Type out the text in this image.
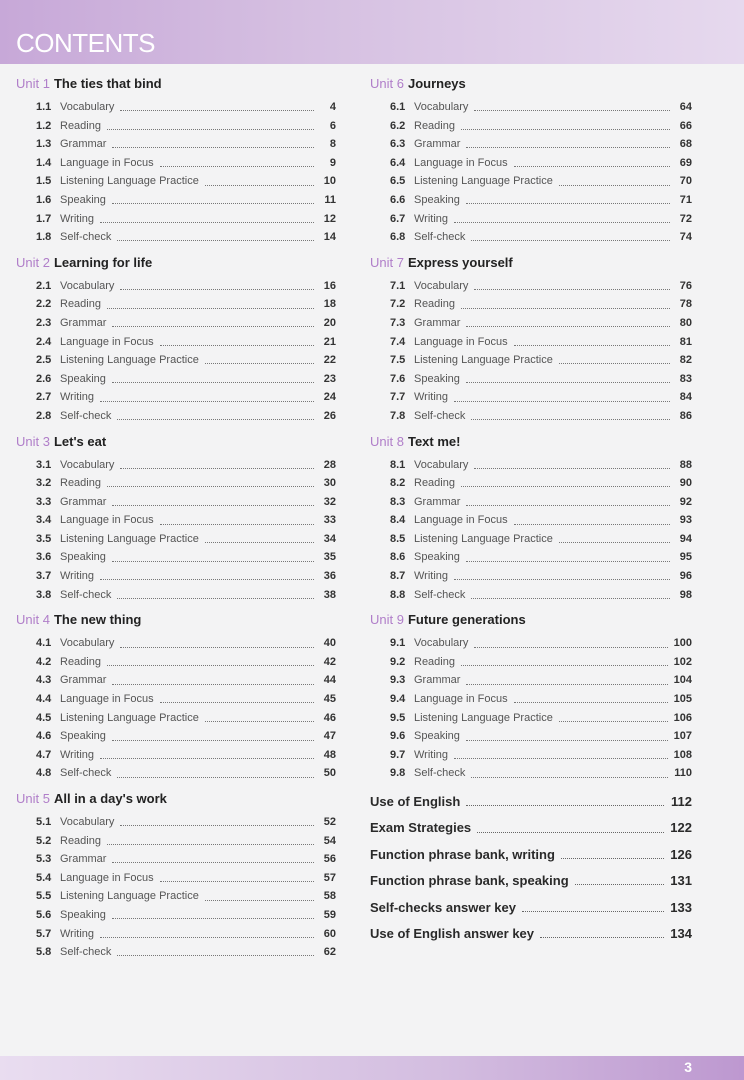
CONTENTS
Unit 1 The ties that bind
1.1 Vocabulary	4
1.2 Reading	6
1.3 Grammar	8
1.4 Language in Focus	9
1.5 Listening Language Practice	10
1.6 Speaking	11
1.7 Writing	12
1.8 Self-check	14
Unit 2 Learning for life
2.1 Vocabulary	16
2.2 Reading	18
2.3 Grammar	20
2.4 Language in Focus	21
2.5 Listening Language Practice	22
2.6 Speaking	23
2.7 Writing	24
2.8 Self-check	26
Unit 3 Let's eat
3.1 Vocabulary	28
3.2 Reading	30
3.3 Grammar	32
3.4 Language in Focus	33
3.5 Listening Language Practice	34
3.6 Speaking	35
3.7 Writing	36
3.8 Self-check	38
Unit 4 The new thing
4.1 Vocabulary	40
4.2 Reading	42
4.3 Grammar	44
4.4 Language in Focus	45
4.5 Listening Language Practice	46
4.6 Speaking	47
4.7 Writing	48
4.8 Self-check	50
Unit 5 All in a day's work
5.1 Vocabulary	52
5.2 Reading	54
5.3 Grammar	56
5.4 Language in Focus	57
5.5 Listening Language Practice	58
5.6 Speaking	59
5.7 Writing	60
5.8 Self-check	62
Unit 6 Journeys
6.1 Vocabulary	64
6.2 Reading	66
6.3 Grammar	68
6.4 Language in Focus	69
6.5 Listening Language Practice	70
6.6 Speaking	71
6.7 Writing	72
6.8 Self-check	74
Unit 7 Express yourself
7.1 Vocabulary	76
7.2 Reading	78
7.3 Grammar	80
7.4 Language in Focus	81
7.5 Listening Language Practice	82
7.6 Speaking	83
7.7 Writing	84
7.8 Self-check	86
Unit 8 Text me!
8.1 Vocabulary	88
8.2 Reading	90
8.3 Grammar	92
8.4 Language in Focus	93
8.5 Listening Language Practice	94
8.6 Speaking	95
8.7 Writing	96
8.8 Self-check	98
Unit 9 Future generations
9.1 Vocabulary	100
9.2 Reading	102
9.3 Grammar	104
9.4 Language in Focus	105
9.5 Listening Language Practice	106
9.6 Speaking	107
9.7 Writing	108
9.8 Self-check	110
Use of English	112
Exam Strategies	122
Function phrase bank, writing	126
Function phrase bank, speaking	131
Self-checks answer key	133
Use of English answer key	134
3
